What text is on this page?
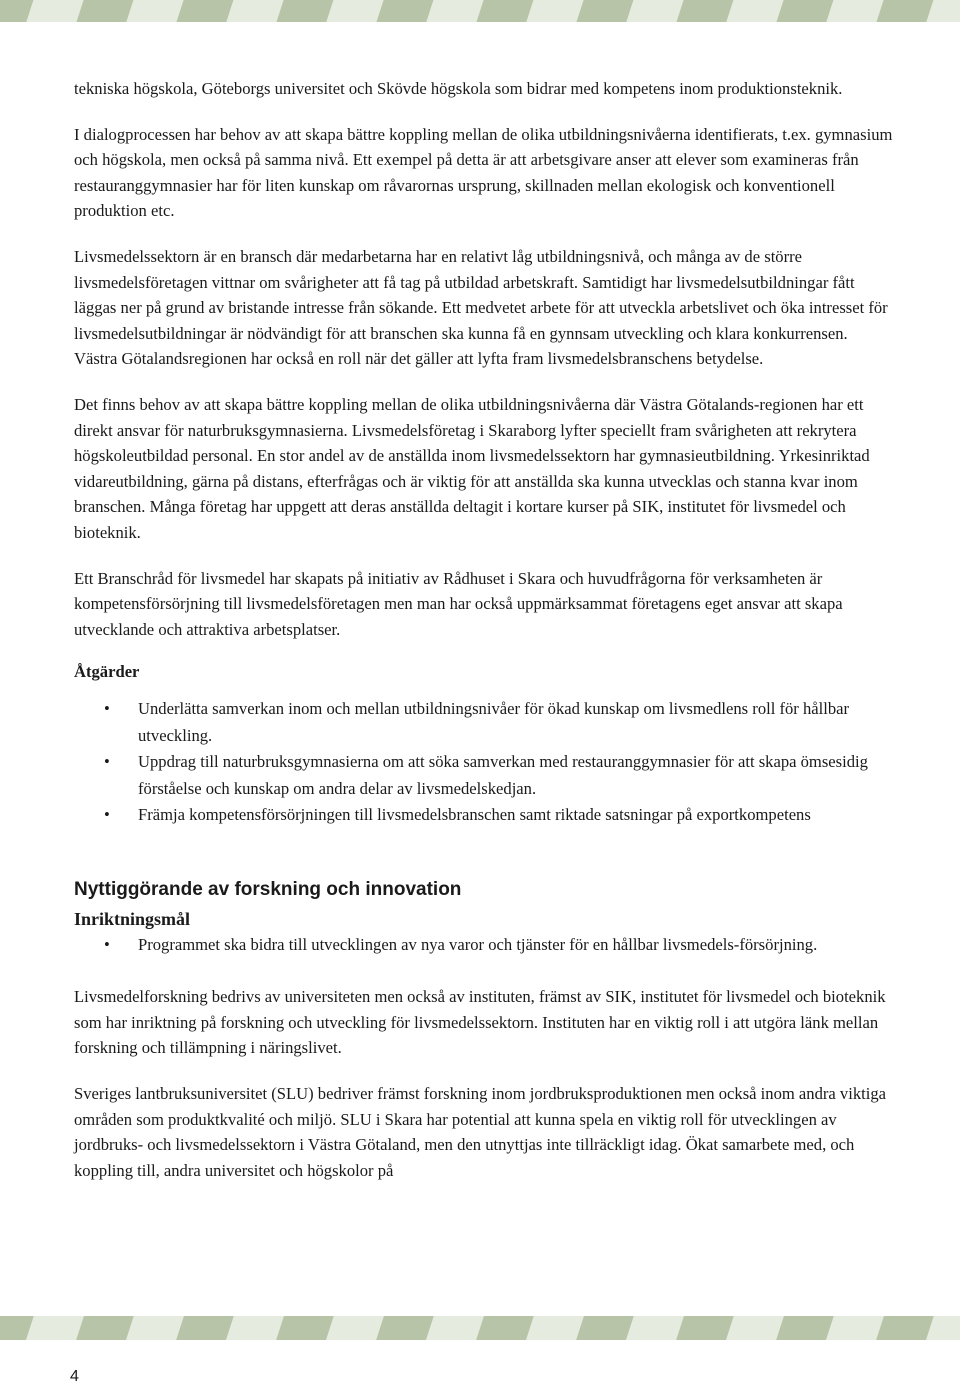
tekniska högskola, Göteborgs universitet och Skövde högskola som bidrar med kompetens inom produktionsteknik.

I dialogprocessen har behov av att skapa bättre koppling mellan de olika utbildningsnivåerna identifierats, t.ex. gymnasium och högskola, men också på samma nivå. Ett exempel på detta är att arbetsgivare anser att elever som examineras från restauranggymnasier har för liten kunskap om råvarornas ursprung, skillnaden mellan ekologisk och konventionell produktion etc.

Livsmedelssektorn är en bransch där medarbetarna har en relativt låg utbildningsnivå, och många av de större livsmedelsföretagen vittnar om svårigheter att få tag på utbildad arbetskraft. Samtidigt har livsmedelsutbildningar fått läggas ner på grund av bristande intresse från sökande. Ett medvetet arbete för att utveckla arbetslivet och öka intresset för livsmedelsutbildningar är nödvändigt för att branschen ska kunna få en gynnsam utveckling och klara konkurrensen. Västra Götalandsregionen har också en roll när det gäller att lyfta fram livsmedelsbranschens betydelse.

Det finns behov av att skapa bättre koppling mellan de olika utbildningsnivåerna där Västra Götalands-regionen har ett direkt ansvar för naturbruksgymnasierna. Livsmedelsföretag i Skaraborg lyfter speciellt fram svårigheten att rekrytera högskoleutbildad personal. En stor andel av de anställda inom livsmedelssektorn har gymnasieutbildning. Yrkesinriktad vidareutbildning, gärna på distans, efterfrågas och är viktig för att anställda ska kunna utvecklas och stanna kvar inom branschen. Många företag har uppgett att deras anställda deltagit i kortare kurser på SIK, institutet för livsmedel och bioteknik.

Ett Branschråd för livsmedel har skapats på initiativ av Rådhuset i Skara och huvudfrågorna för verksamheten är kompetensförsörjning till livsmedelsföretagen men man har också uppmärksammat företagens eget ansvar att skapa utvecklande och attraktiva arbetsplatser.

Åtgärder
• Underlätta samverkan inom och mellan utbildningsnivåer för ökad kunskap om livsmedlens roll för hållbar utveckling.
• Uppdrag till naturbruksgymnasierna om att söka samverkan med restauranggymnasier för att skapa ömsesidig förståelse och kunskap om andra delar av livsmedelskedjan.
• Främja kompetensförsörjningen till livsmedelsbranschen samt riktade satsningar på exportkompetens
Nyttiggörande av forskning och innovation
Inriktningsmål
• Programmet ska bidra till utvecklingen av nya varor och tjänster för en hållbar livsmedels-försörjning.

Livsmedelforskning bedrivs av universiteten men också av instituten, främst av SIK, institutet för livsmedel och bioteknik som har inriktning på forskning och utveckling för livsmedelssektorn. Instituten har en viktig roll i att utgöra länk mellan forskning och tillämpning i näringslivet.

Sveriges lantbruksuniversitet (SLU) bedriver främst forskning inom jordbruksproduktionen men också inom andra viktiga områden som produktkvalité och miljö. SLU i Skara har potential att kunna spela en viktig roll för utvecklingen av jordbruks- och livsmedelssektorn i Västra Götaland, men den utnyttjas inte tillräckligt idag. Ökat samarbete med, och koppling till, andra universitet och högskolor på

4
